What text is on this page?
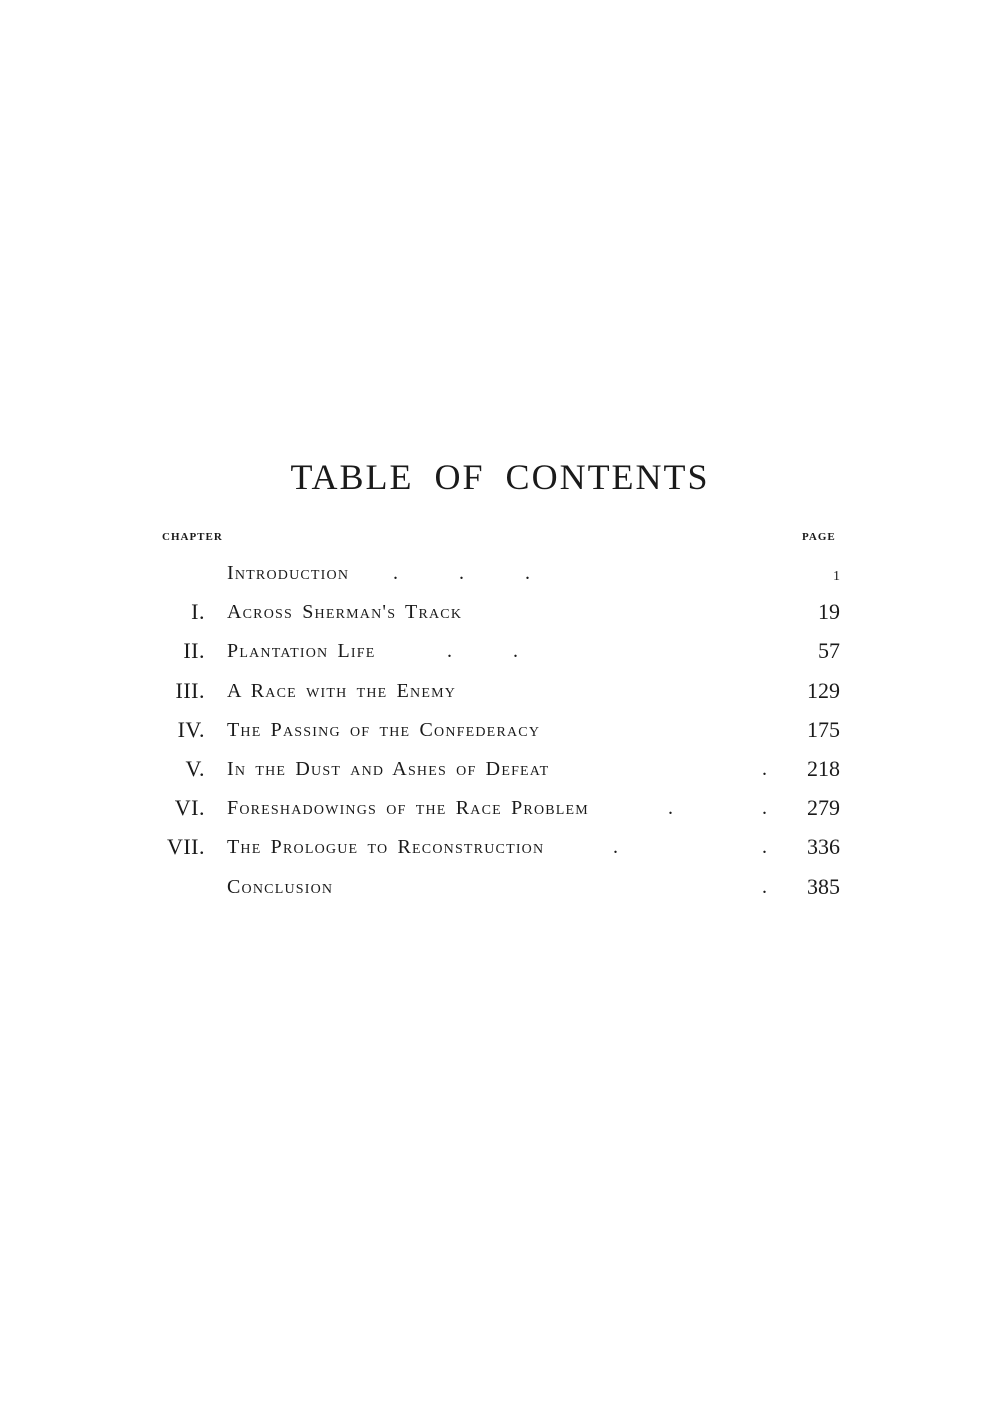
TABLE OF CONTENTS
CHAPTER	PAGE
Introduction . . .	1
I. Across Sherman's Track	19
II. Plantation Life	. .	57
III. A Race with the Enemy	129
IV. The Passing of the Confederacy	175
V. In the Dust and Ashes of Defeat	. 218
VI. Foreshadowings of the Race Problem	.	. 279
VII. The Prologue to Reconstruction	.	. 336
Conclusion	. 385
